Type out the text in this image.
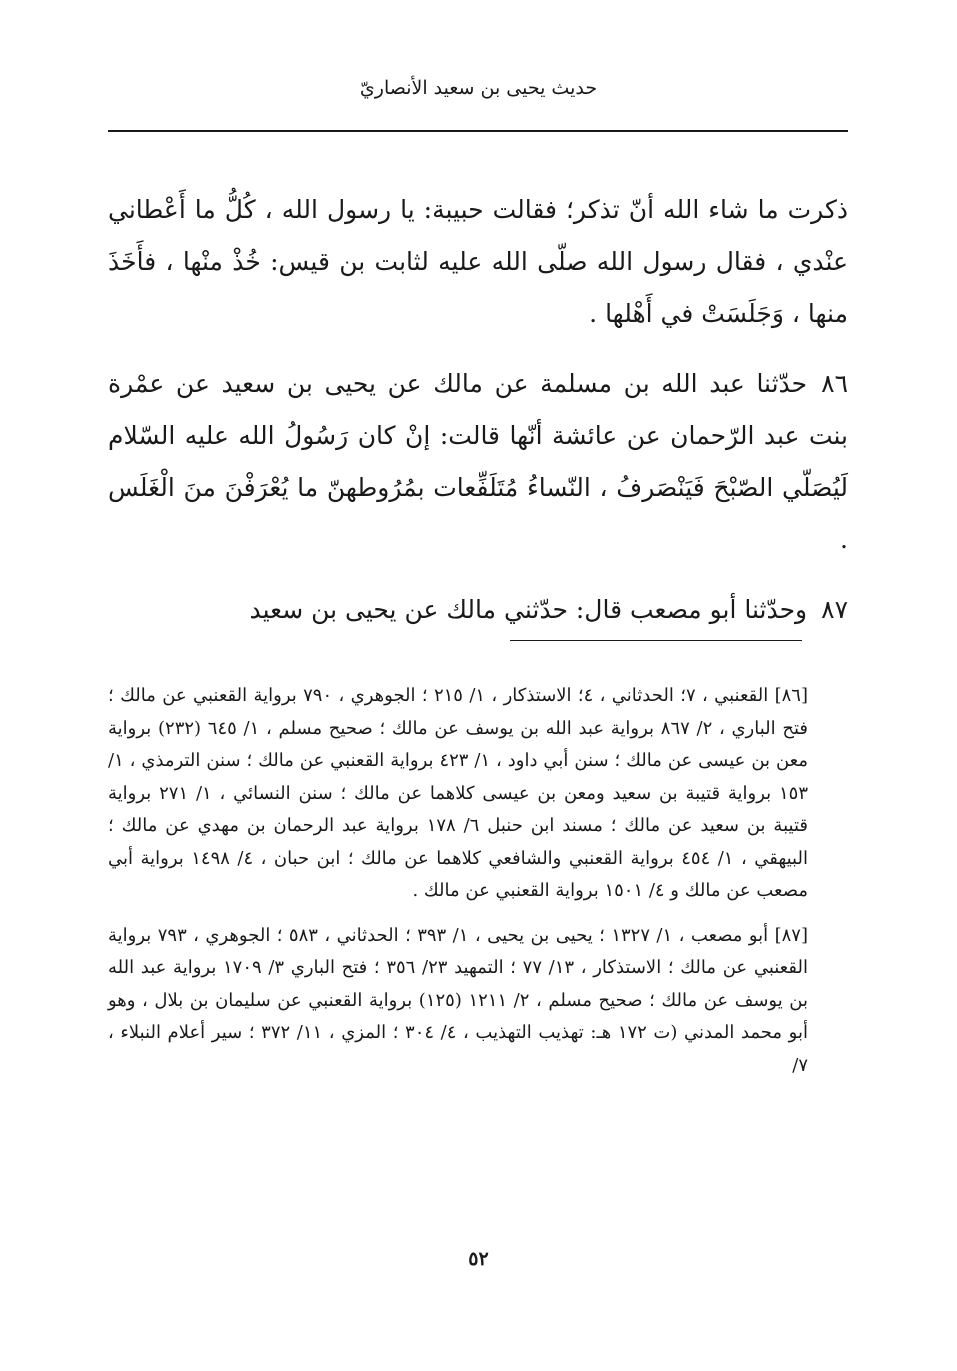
حديث يحيى بن سعيد الأنصاريّ

ذكرت ما شاء الله أنّ تذكر؛ فقالت حبيبة: يا رسول الله ، كُلُّ ما أَعْطاني عنْدي ، فقال رسول الله صلّى الله عليه لثابت بن قيس: خُذْ منْها ، فأَخَذَ منها ، وَجَلَسَتْ في أَهْلها .

٨٦حدّثنا عبد الله بن مسلمة عن مالك عن يحيى بن سعيد عن عمْرة بنت عبد الرّحمان عن عائشة أنّها قالت: إنْ كان رَسُولُ الله عليه السّلام لَيُصَلّي الصّبْحَ فَيَنْصَرفُ ، النّساءُ مُتَلَفِّعات بمُرُوطهنّ ما يُعْرَفْنَ منَ الْغَلَس .

٨٧وحدّثنا أبو مصعب قال: حدّثني مالك عن يحيى بن سعيد

[٨٦] القعنبي ، ٧؛ الحدثاني ، ٤؛ الاستذكار ، ١/ ٢١٥ ؛ الجوهري ، ٧٩٠ برواية القعنبي عن مالك ؛ فتح الباري ، ٢/ ٨٦٧ برواية عبد الله بن يوسف عن مالك ؛ صحيح مسلم ، ١/ ٦٤٥ (٢٣٢) برواية معن بن عيسى عن مالك ؛ سنن أبي داود ، ١/ ٤٢٣ برواية القعنبي عن مالك ؛ سنن الترمذي ، ١/ ١٥٣ برواية قتيبة بن سعيد ومعن بن عيسى كلاهما عن مالك ؛ سنن النسائي ، ١/ ٢٧١ برواية قتيبة بن سعيد عن مالك ؛ مسند ابن حنبل ٦/ ١٧٨ برواية عبد الرحمان بن مهدي عن مالك ؛ البيهقي ، ١/ ٤٥٤ برواية القعنبي والشافعي كلاهما عن مالك ؛ ابن حبان ، ٤/ ١٤٩٨ برواية أبي مصعب عن مالك و ٤/ ١٥٠١ برواية القعنبي عن مالك .

[٨٧] أبو مصعب ، ١/ ١٣٢٧ ؛ يحيى بن يحيى ، ١/ ٣٩٣ ؛ الحدثاني ، ٥٨٣ ؛ الجوهري ، ٧٩٣ برواية القعنبي عن مالك ؛ الاستذكار ، ١٣/ ٧٧ ؛ التمهيد ٢٣/ ٣٥٦ ؛ فتح الباري ٣/ ١٧٠٩ برواية عبد الله بن يوسف عن مالك ؛ صحيح مسلم ، ٢/ ١٢١١ (١٢٥) برواية القعنبي عن سليمان بن بلال ، وهو أبو محمد المدني (ت ١٧٢ هـ: تهذيب التهذيب ، ٤/ ٣٠٤ ؛ المزي ، ١١/ ٣٧٢ ؛ سير أعلام النبلاء ، ٧/

٥٢
